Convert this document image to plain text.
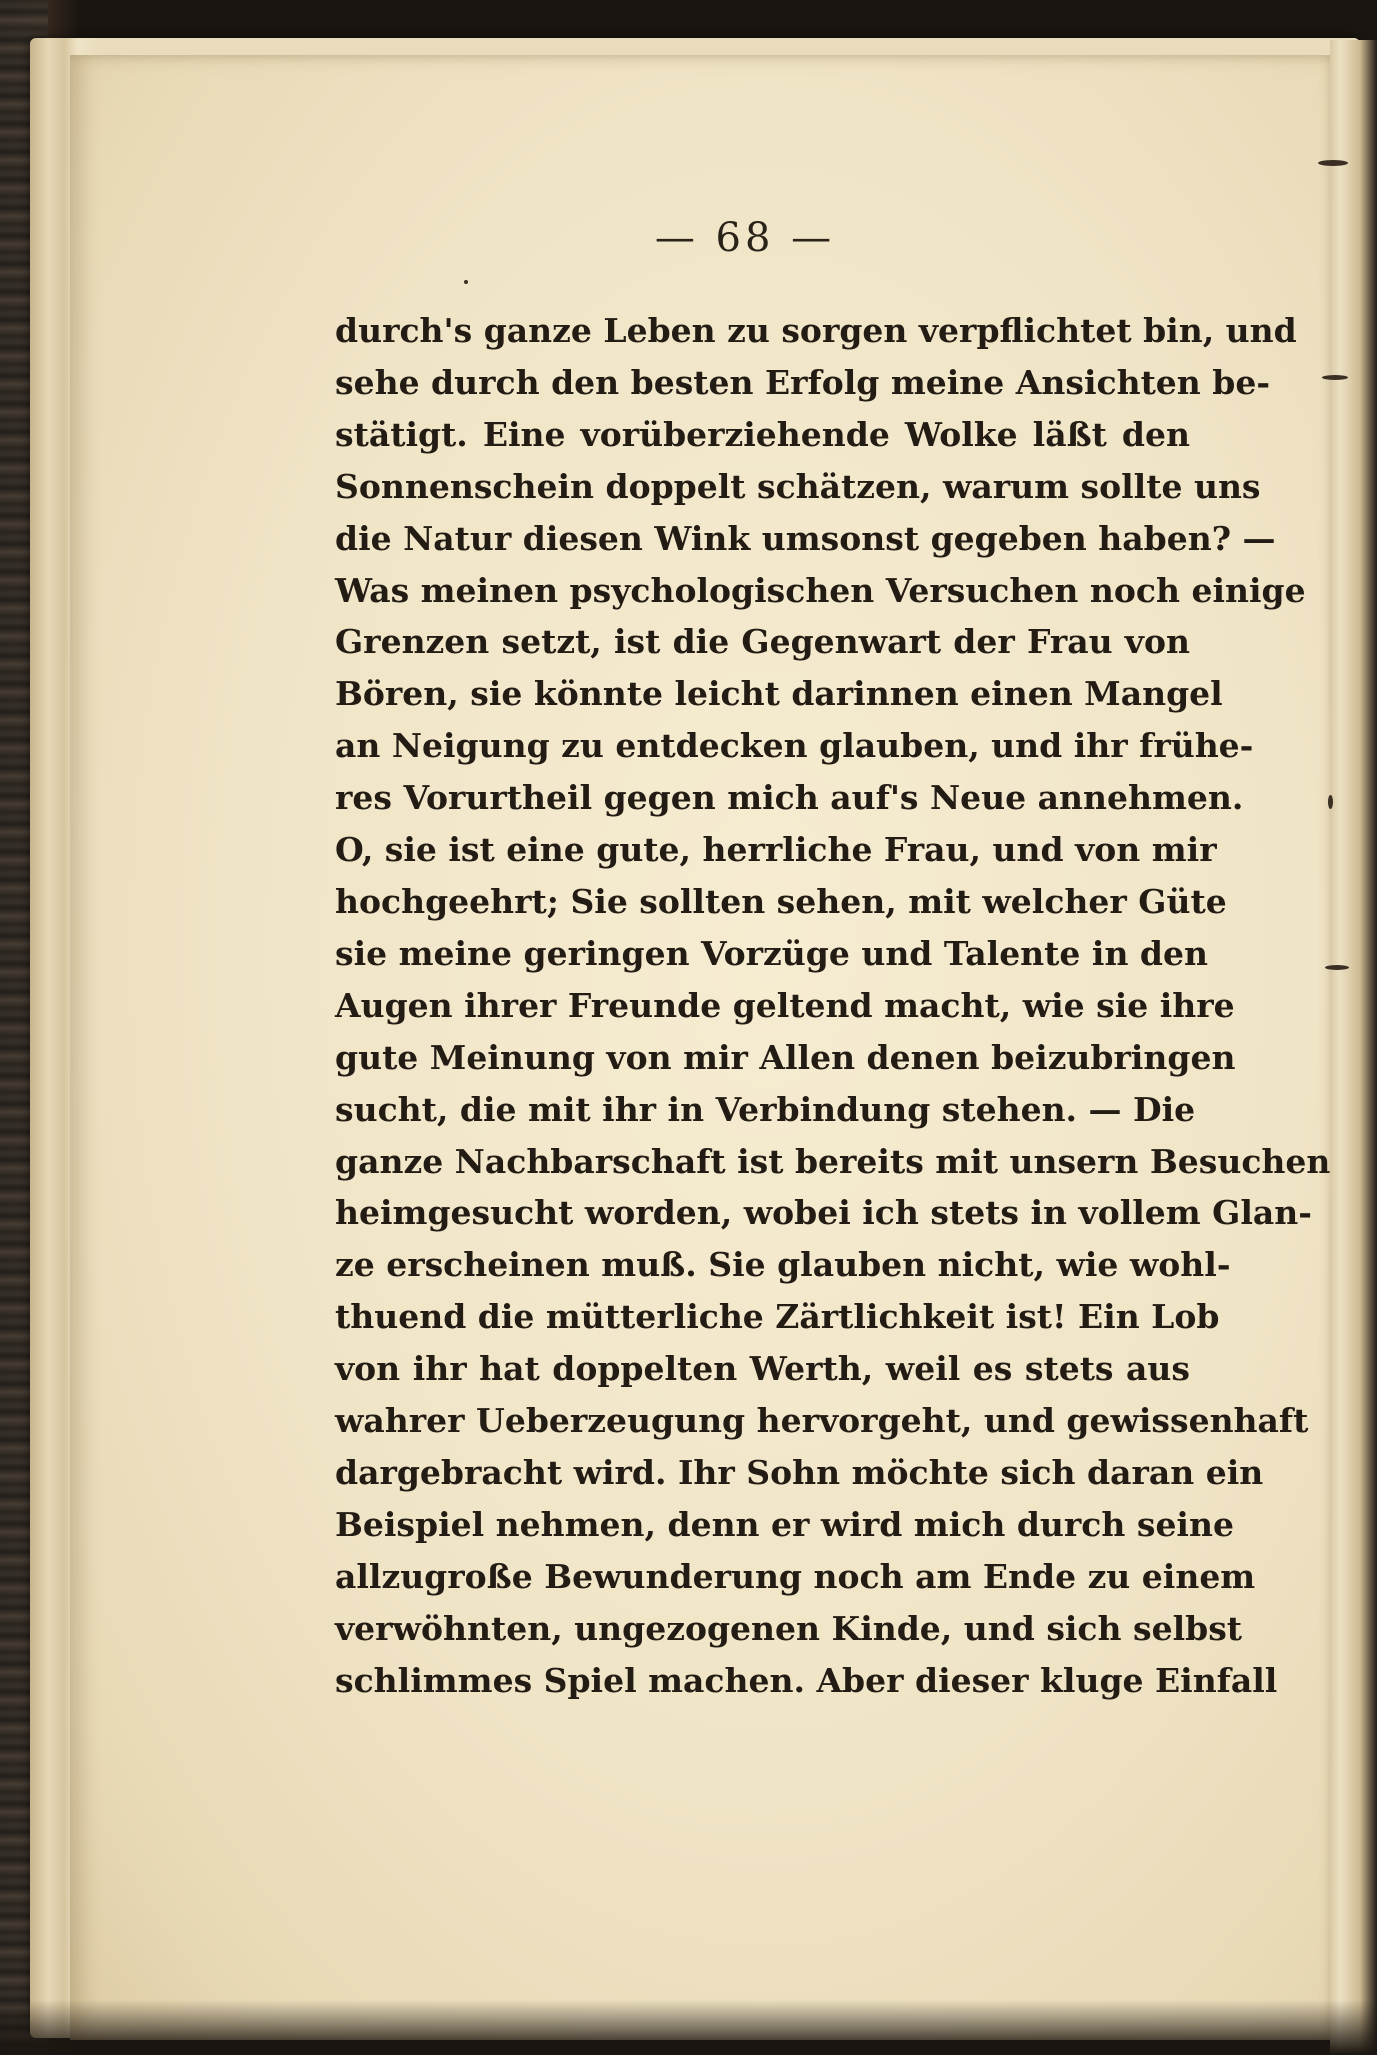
— 68 —
durch's ganze Leben zu sorgen verpflichtet bin, und
sehe durch den besten Erfolg meine Ansichten be-
stätigt. Eine vorüberziehende Wolke läßt den
Sonnenschein doppelt schätzen, warum sollte uns
die Natur diesen Wink umsonst gegeben haben? —
Was meinen psychologischen Versuchen noch einige
Grenzen setzt, ist die Gegenwart der Frau von
Bören, sie könnte leicht darinnen einen Mangel
an Neigung zu entdecken glauben, und ihr frühe-
res Vorurtheil gegen mich auf's Neue annehmen.
O, sie ist eine gute, herrliche Frau, und von mir
hochgeehrt; Sie sollten sehen, mit welcher Güte
sie meine geringen Vorzüge und Talente in den
Augen ihrer Freunde geltend macht, wie sie ihre
gute Meinung von mir Allen denen beizubringen
sucht, die mit ihr in Verbindung stehen. — Die
ganze Nachbarschaft ist bereits mit unsern Besuchen
heimgesucht worden, wobei ich stets in vollem Glan-
ze erscheinen muß. Sie glauben nicht, wie wohl-
thuend die mütterliche Zärtlichkeit ist! Ein Lob
von ihr hat doppelten Werth, weil es stets aus
wahrer Ueberzeugung hervorgeht, und gewissenhaft
dargebracht wird. Ihr Sohn möchte sich daran ein
Beispiel nehmen, denn er wird mich durch seine
allzugroße Bewunderung noch am Ende zu einem
verwöhnten, ungezogenen Kinde, und sich selbst
schlimmes Spiel machen. Aber dieser kluge Einfall
